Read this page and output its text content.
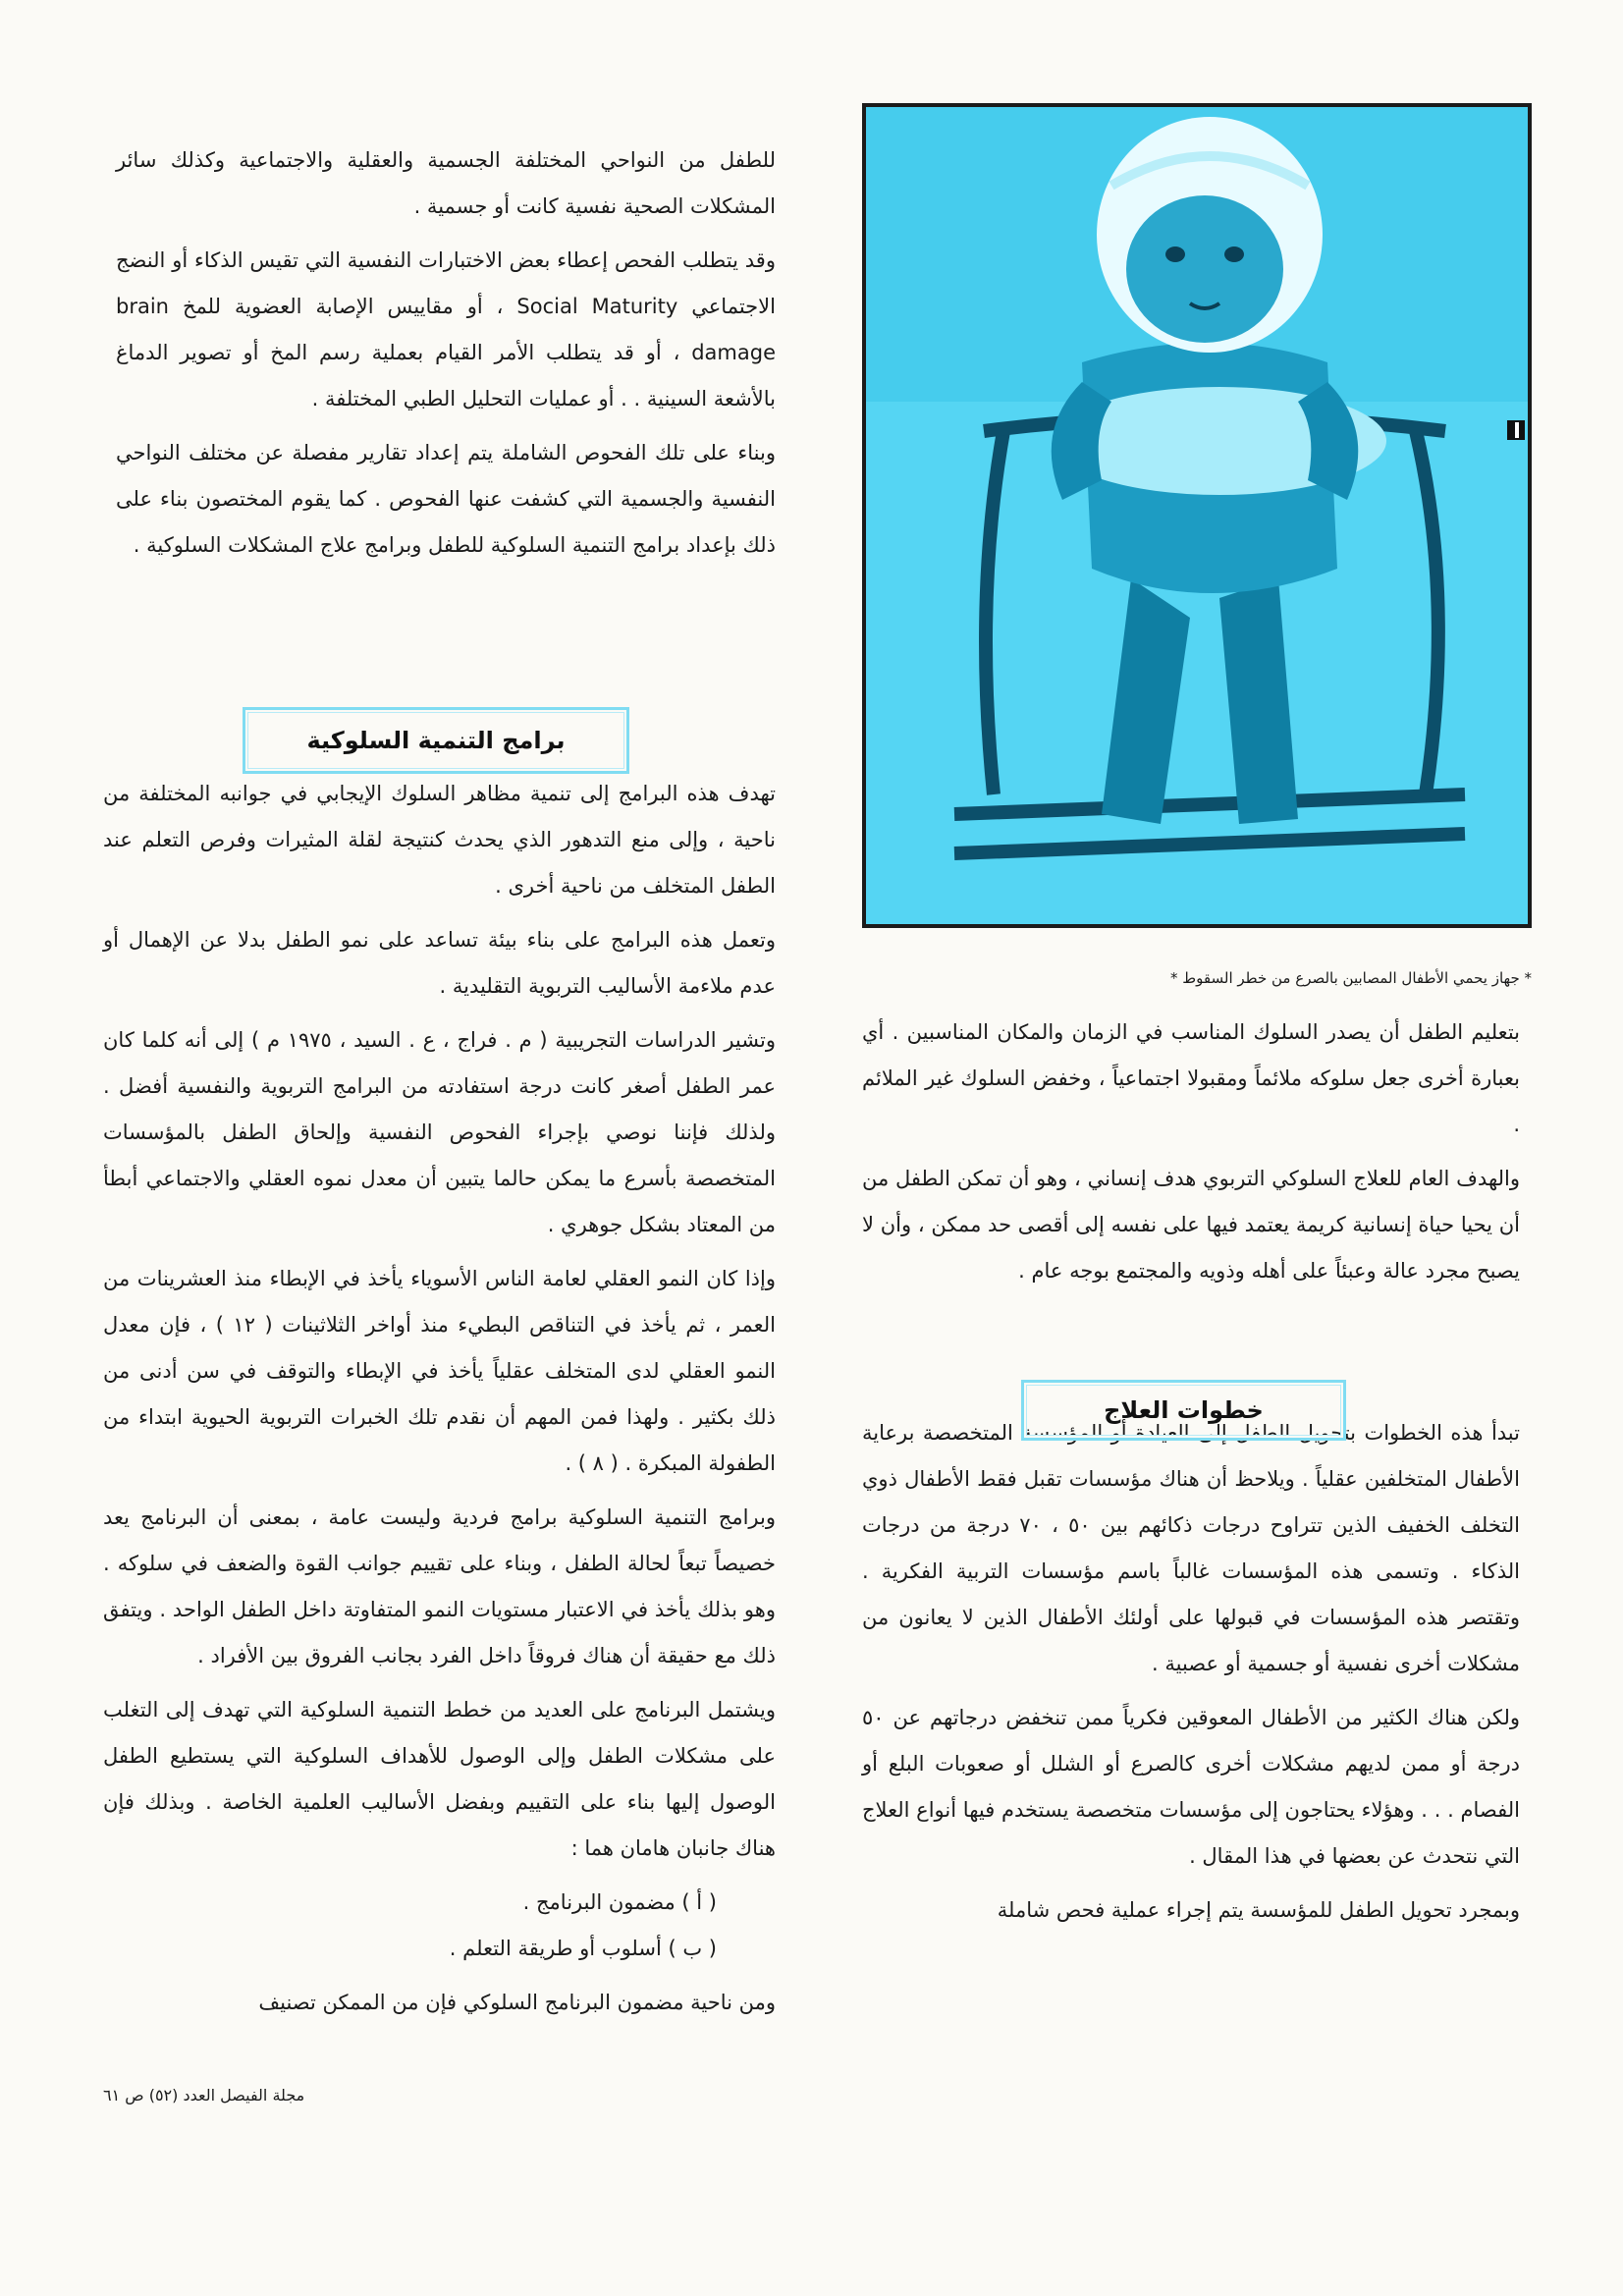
* جهاز يحمي الأطفال المصابين بالصرع من خطر السقوط *

بتعليم الطفل أن يصدر السلوك المناسب في الزمان والمكان المناسبين . أي بعبارة أخرى جعل سلوكه ملائماً ومقبولا اجتماعياً ، وخفض السلوك غير الملائم .

والهدف العام للعلاج السلوكي التربوي هدف إنساني ، وهو أن تمكن الطفل من أن يحيا حياة إنسانية كريمة يعتمد فيها على نفسه إلى أقصى حد ممكن ، وأن لا يصبح مجرد عالة وعبئاً على أهله وذويه والمجتمع بوجه عام .

تبدأ هذه الخطوات بتحويل الطفل إلى العيادة أو المؤسسة المتخصصة برعاية الأطفال المتخلفين عقلياً . ويلاحظ أن هناك مؤسسات تقبل فقط الأطفال ذوي التخلف الخفيف الذين تتراوح درجات ذكائهم بين ٥٠ ، ٧٠ درجة من درجات الذكاء . وتسمى هذه المؤسسات غالباً باسم مؤسسات التربية الفكرية . وتقتصر هذه المؤسسات في قبولها على أولئك الأطفال الذين لا يعانون من مشكلات أخرى نفسية أو جسمية أو عصبية .

ولكن هناك الكثير من الأطفال المعوقين فكرياً ممن تنخفض درجاتهم عن ٥٠ درجة أو ممن لديهم مشكلات أخرى كالصرع أو الشلل أو صعوبات البلع أو الفصام . . . وهؤلاء يحتاجون إلى مؤسسات متخصصة يستخدم فيها أنواع العلاج التي نتحدث عن بعضها في هذا المقال .

وبمجرد تحويل الطفل للمؤسسة يتم إجراء عملية فحص شاملة

خطوات العلاج

للطفل من النواحي المختلفة الجسمية والعقلية والاجتماعية وكذلك سائر المشكلات الصحية نفسية كانت أو جسمية .

وقد يتطلب الفحص إعطاء بعض الاختبارات النفسية التي تقيس الذكاء أو النضج الاجتماعي Social Maturity ، أو مقاييس الإصابة العضوية للمخ brain damage ، أو قد يتطلب الأمر القيام بعملية رسم المخ أو تصوير الدماغ بالأشعة السينية . . أو عمليات التحليل الطبي المختلفة .

وبناء على تلك الفحوص الشاملة يتم إعداد تقارير مفصلة عن مختلف النواحي النفسية والجسمية التي كشفت عنها الفحوص . كما يقوم المختصون بناء على ذلك بإعداد برامج التنمية السلوكية للطفل وبرامج علاج المشكلات السلوكية .

برامج التنمية السلوكية

تهدف هذه البرامج إلى تنمية مظاهر السلوك الإيجابي في جوانبه المختلفة من ناحية ، وإلى منع التدهور الذي يحدث كنتيجة لقلة المثيرات وفرص التعلم عند الطفل المتخلف من ناحية أخرى .

وتعمل هذه البرامج على بناء بيئة تساعد على نمو الطفل بدلا عن الإهمال أو عدم ملاءمة الأساليب التربوية التقليدية .

وتشير الدراسات التجريبية ( م . فراج ، ع . السيد ، ١٩٧٥ م ) إلى أنه كلما كان عمر الطفل أصغر كانت درجة استفادته من البرامج التربوية والنفسية أفضل . ولذلك فإننا نوصي بإجراء الفحوص النفسية وإلحاق الطفل بالمؤسسات المتخصصة بأسرع ما يمكن حالما يتبين أن معدل نموه العقلي والاجتماعي أبطأ من المعتاد بشكل جوهري .

وإذا كان النمو العقلي لعامة الناس الأسوياء يأخذ في الإبطاء منذ العشرينات من العمر ، ثم يأخذ في التناقص البطيء منذ أواخر الثلاثينات ( ١٢ ) ، فإن معدل النمو العقلي لدى المتخلف عقلياً يأخذ في الإبطاء والتوقف في سن أدنى من ذلك بكثير . ولهذا فمن المهم أن نقدم تلك الخبرات التربوية الحيوية ابتداء من الطفولة المبكرة . ( ٨ ) .

وبرامج التنمية السلوكية برامج فردية وليست عامة ، بمعنى أن البرنامج يعد خصيصاً تبعاً لحالة الطفل ، وبناء على تقييم جوانب القوة والضعف في سلوكه . وهو بذلك يأخذ في الاعتبار مستويات النمو المتفاوتة داخل الطفل الواحد . ويتفق ذلك مع حقيقة أن هناك فروقاً داخل الفرد بجانب الفروق بين الأفراد .

ويشتمل البرنامج على العديد من خطط التنمية السلوكية التي تهدف إلى التغلب على مشكلات الطفل وإلى الوصول للأهداف السلوكية التي يستطيع الطفل الوصول إليها بناء على التقييم وبفضل الأساليب العلمية الخاصة . وبذلك فإن هناك جانبان هامان هما :

( أ ) مضمون البرنامج .

( ب ) أسلوب أو طريقة التعلم .

ومن ناحية مضمون البرنامج السلوكي فإن من الممكن تصنيف

مجلة الفيصل العدد (٥٢) ص ٦١
